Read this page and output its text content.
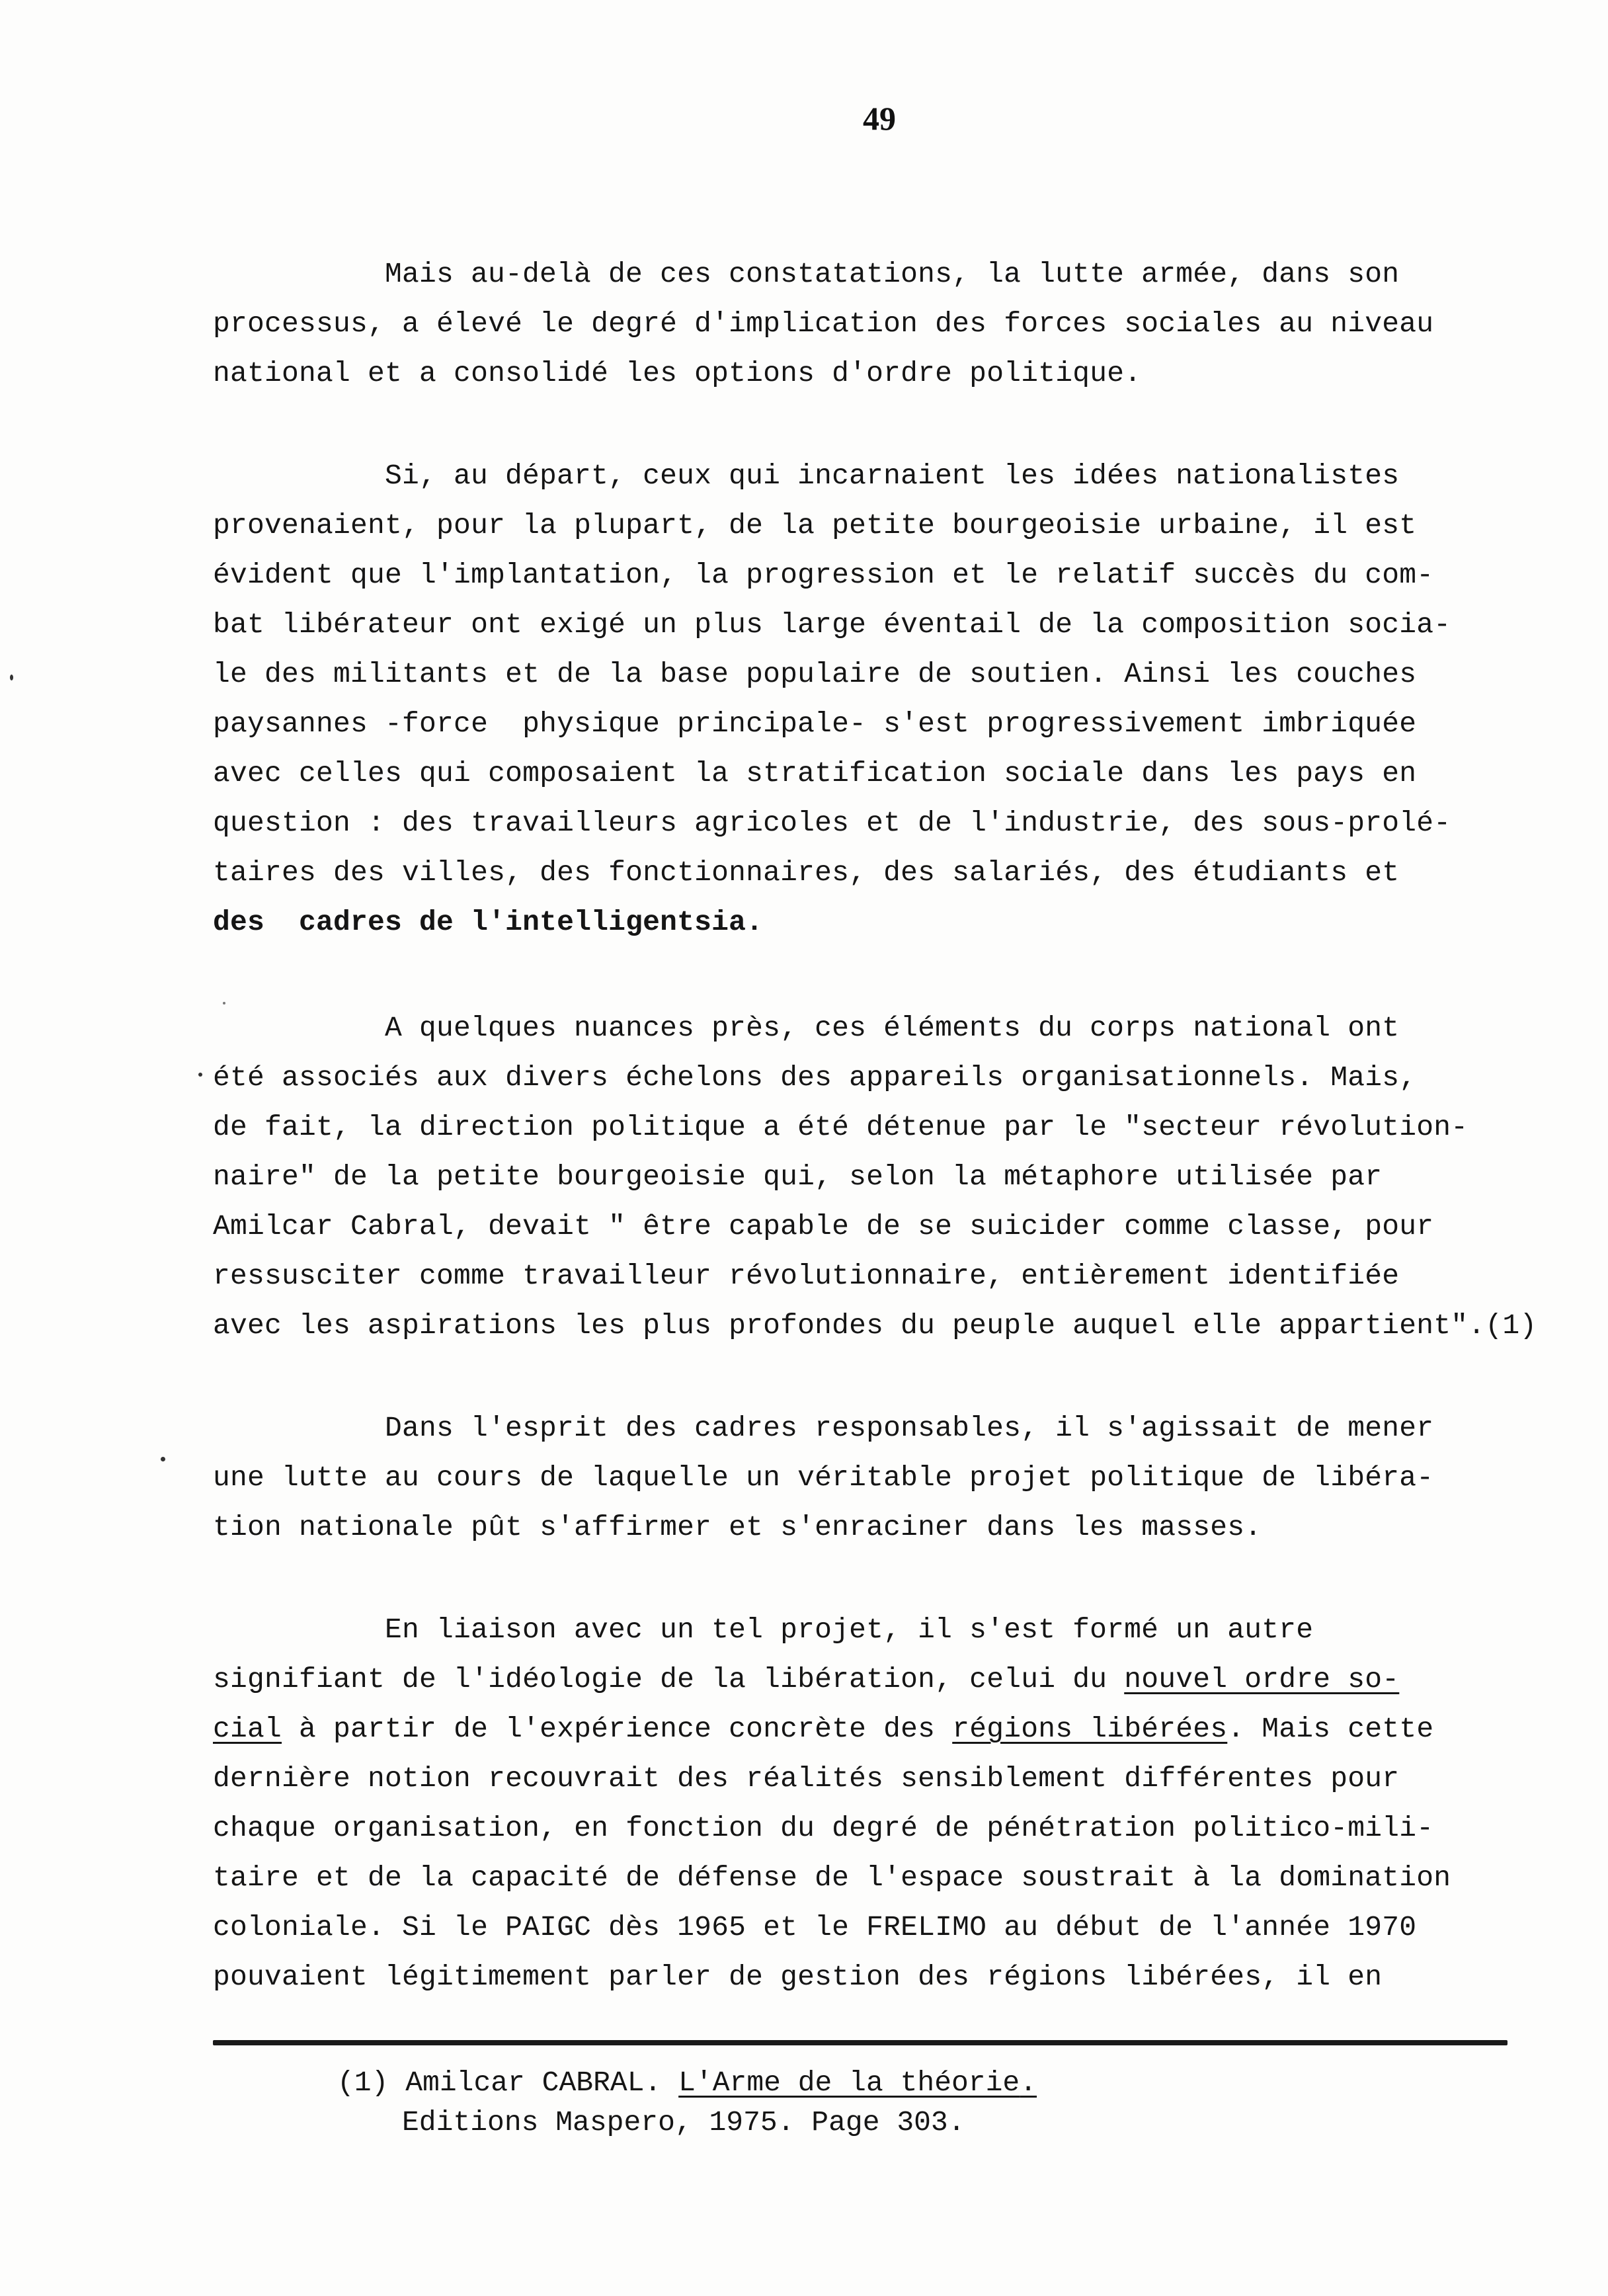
49
Mais au-delà de ces constatations, la lutte armée, dans son
processus, a élevé le degré d'implication des forces sociales au niveau
national et a consolidé les options d'ordre politique.
Si, au départ, ceux qui incarnaient les idées nationalistes
provenaient, pour la plupart, de la petite bourgeoisie urbaine, il est
évident que l'implantation, la progression et le relatif succès du com-
bat libérateur ont exigé un plus large éventail de la composition socia-
le des militants et de la base populaire de soutien. Ainsi les couches
paysannes -force  physique principale- s'est progressivement imbriquée
avec celles qui composaient la stratification sociale dans les pays en
question : des travailleurs agricoles et de l'industrie, des sous-prolé-
taires des villes, des fonctionnaires, des salariés, des étudiants et
des  cadres de l'intelligentsia.
A quelques nuances près, ces éléments du corps national ont
été associés aux divers échelons des appareils organisationnels. Mais,
de fait, la direction politique a été détenue par le "secteur révolution-
naire" de la petite bourgeoisie qui, selon la métaphore utilisée par
Amilcar Cabral, devait " être capable de se suicider comme classe, pour
ressusciter comme travailleur révolutionnaire, entièrement identifiée
avec les aspirations les plus profondes du peuple auquel elle appartient".(1)
Dans l'esprit des cadres responsables, il s'agissait de mener
une lutte au cours de laquelle un véritable projet politique de libéra-
tion nationale pût s'affirmer et s'enraciner dans les masses.
En liaison avec un tel projet, il s'est formé un autre
signifiant de l'idéologie de la libération, celui du nouvel ordre so-
cial à partir de l'expérience concrète des régions libérées. Mais cette
dernière notion recouvrait des réalités sensiblement différentes pour
chaque organisation, en fonction du degré de pénétration politico-mili-
taire et de la capacité de défense de l'espace soustrait à la domination
coloniale. Si le PAIGC dès 1965 et le FRELIMO au début de l'année 1970
pouvaient légitimement parler de gestion des régions libérées, il en
(1) Amilcar CABRAL. L'Arme de la théorie.
Editions Maspero, 1975. Page 303.
